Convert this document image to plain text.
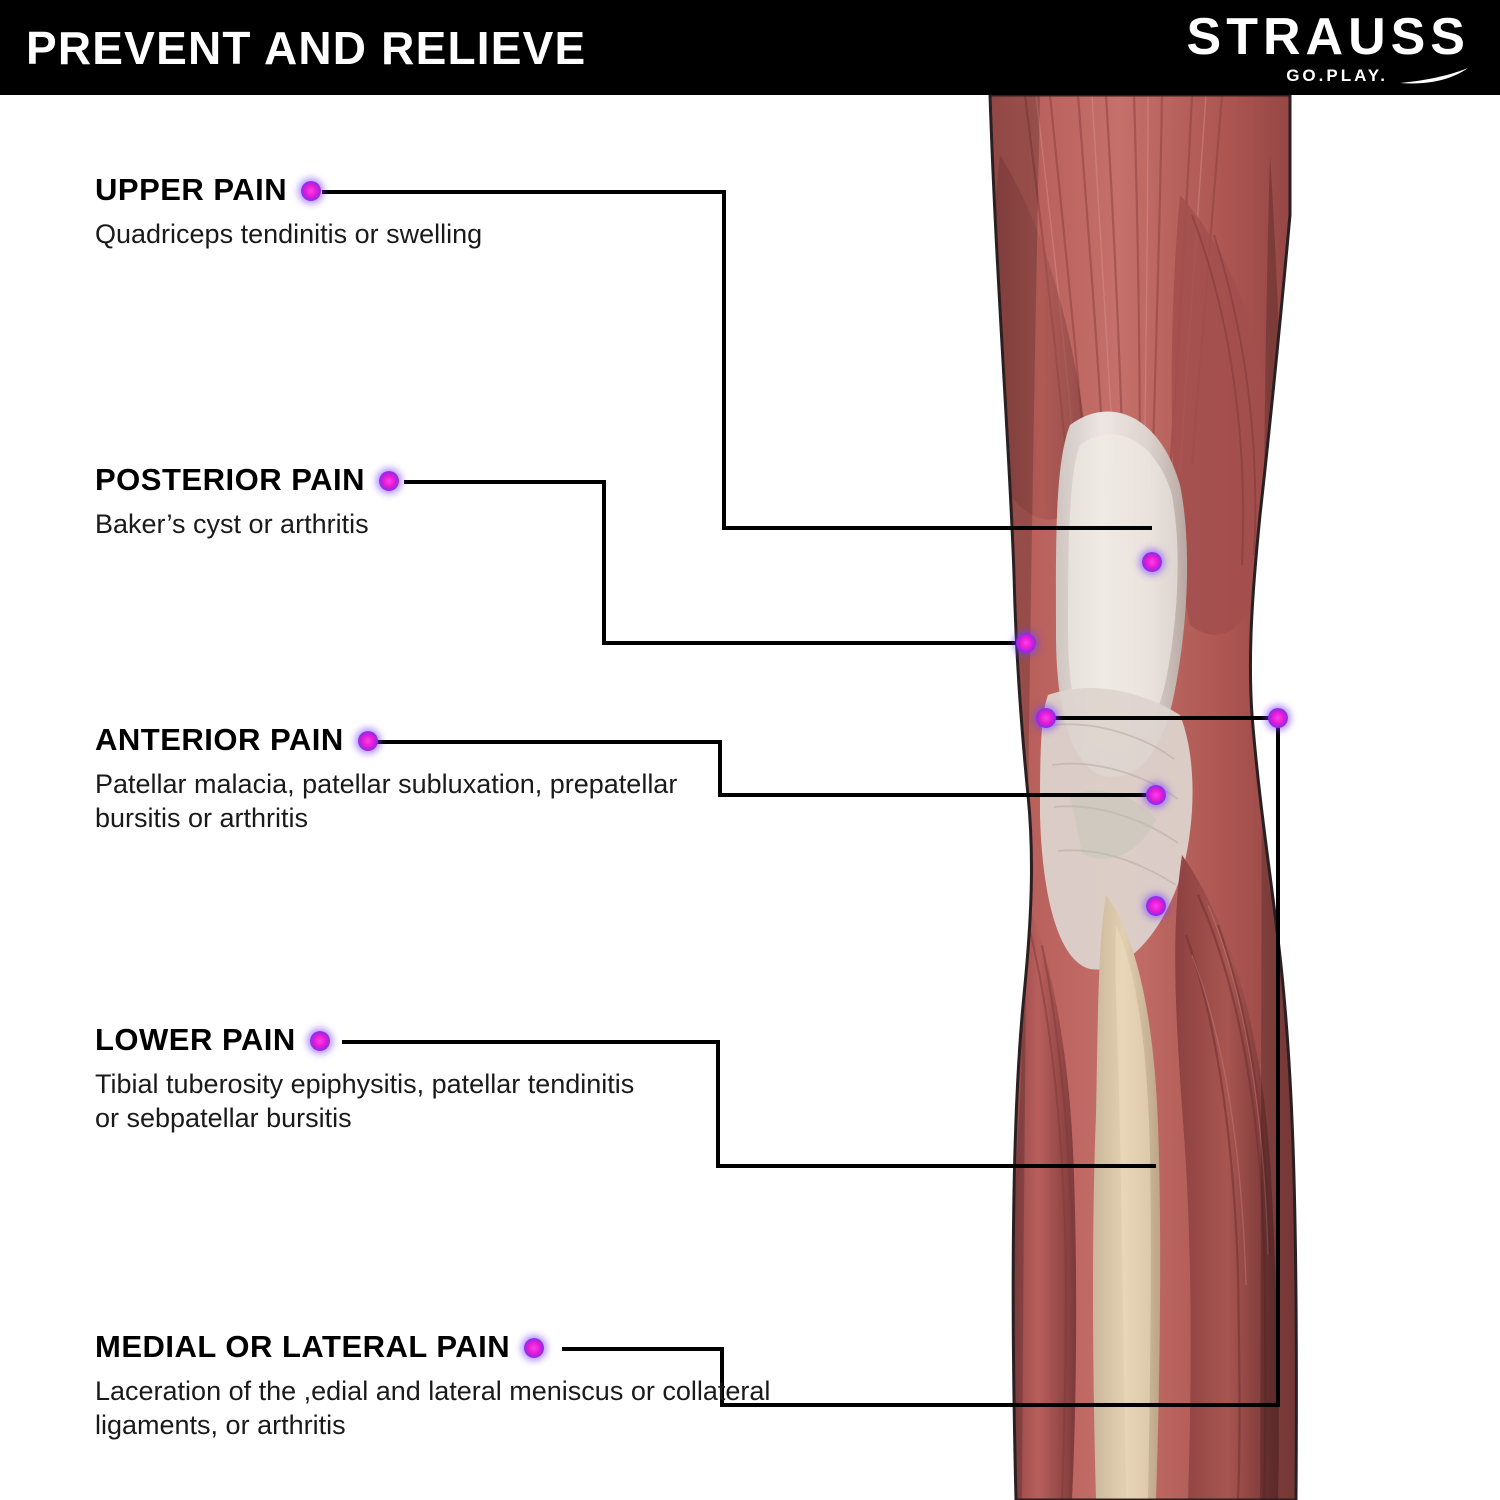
PREVENT AND RELIEVE	STRAUSS
GO.PLAY.
UPPER PAIN
Quadriceps tendinitis or swelling
POSTERIOR PAIN
Baker’s cyst or arthritis
ANTERIOR PAIN
Patellar malacia, patellar subluxation, prepatellar bursitis or arthritis
LOWER PAIN
Tibial tuberosity epiphysitis, patellar tendinitis or sebpatellar bursitis
MEDIAL OR LATERAL PAIN
Laceration of the ,edial and lateral meniscus or collateral ligaments, or arthritis
